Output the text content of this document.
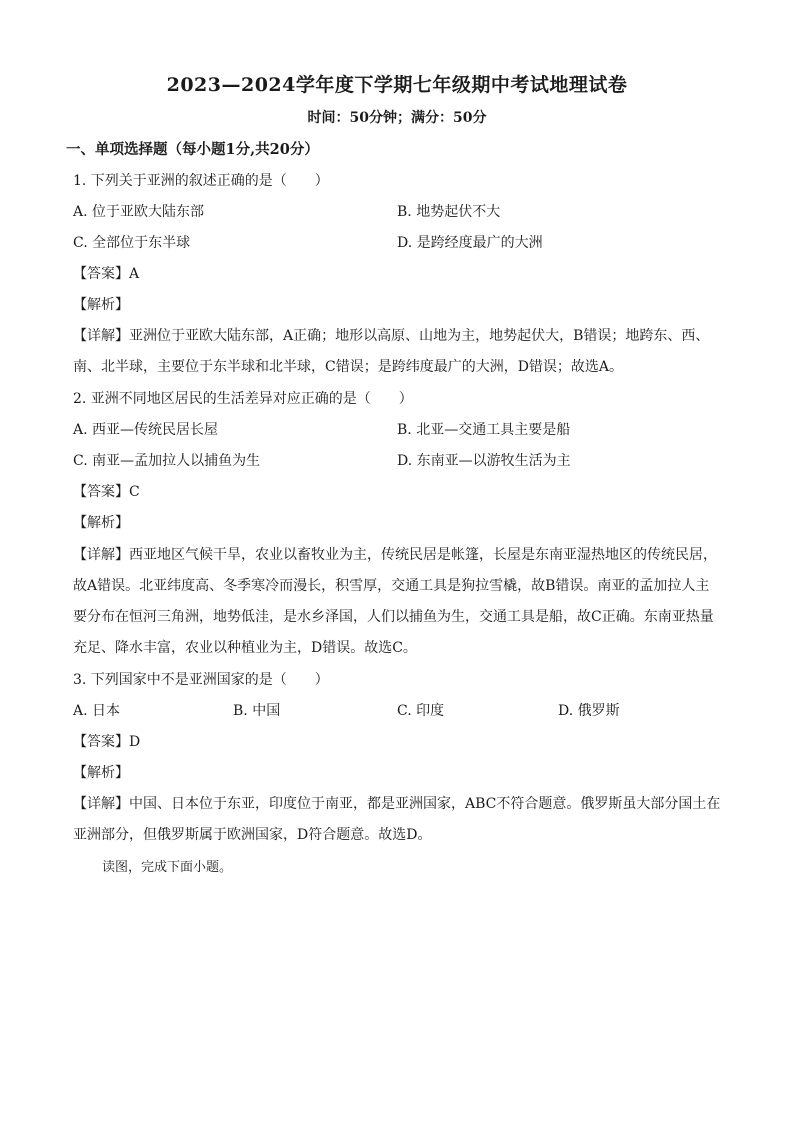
2023—2024学年度下学期七年级期中考试地理试卷
时间：50分钟；满分：50分
一、单项选择题（每小题1分,共20分）
1. 下列关于亚洲的叙述正确的是（　　）
A. 位于亚欧大陆东部	B. 地势起伏不大
C. 全部位于东半球	D. 是跨经度最广的大洲
【答案】A
【解析】
【详解】亚洲位于亚欧大陆东部，A正确；地形以高原、山地为主，地势起伏大，B错误；地跨东、西、
南、北半球，主要位于东半球和北半球，C错误；是跨纬度最广的大洲，D错误；故选A。
2. 亚洲不同地区居民的生活差异对应正确的是（　　）
A. 西亚—传统民居长屋	B. 北亚—交通工具主要是船
C. 南亚—孟加拉人以捕鱼为生	D. 东南亚—以游牧生活为主
【答案】C
【解析】
【详解】西亚地区气候干旱，农业以畜牧业为主，传统民居是帐篷，长屋是东南亚湿热地区的传统民居，
故A错误。北亚纬度高、冬季寒冷而漫长，积雪厚，交通工具是狗拉雪橇，故B错误。南亚的孟加拉人主
要分布在恒河三角洲，地势低洼，是水乡泽国，人们以捕鱼为生，交通工具是船，故C正确。东南亚热量
充足、降水丰富，农业以种植业为主，D错误。故选C。
3. 下列国家中不是亚洲国家的是（　　）
A. 日本	B. 中国	C. 印度	D. 俄罗斯
【答案】D
【解析】
【详解】中国、日本位于东亚，印度位于南亚，都是亚洲国家，ABC不符合题意。俄罗斯虽大部分国土在
亚洲部分，但俄罗斯属于欧洲国家，D符合题意。故选D。
读图，完成下面小题。
